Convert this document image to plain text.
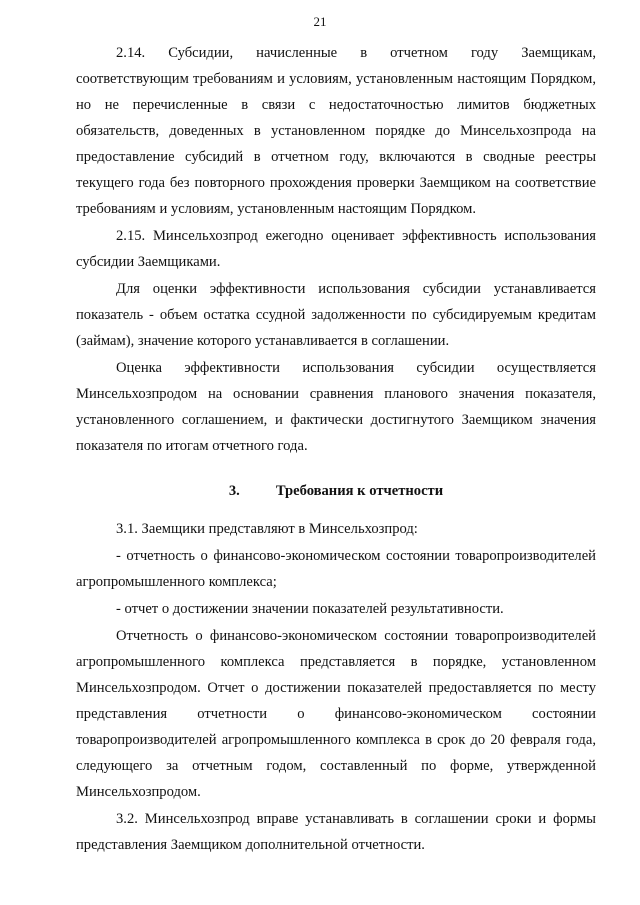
21

2.14. Субсидии, начисленные в отчетном году Заемщикам, соответствующим требованиям и условиям, установленным настоящим Порядком, но не перечисленные в связи с недостаточностью лимитов бюджетных обязательств, доведенных в установленном порядке до Минсельхозпрода на предоставление субсидий в отчетном году, включаются в сводные реестры текущего года без повторного прохождения проверки Заемщиком на соответствие требованиям и условиям, установленным настоящим Порядком.

2.15. Минсельхозпрод ежегодно оценивает эффективность использования субсидии Заемщиками.

Для оценки эффективности использования субсидии устанавливается показатель - объем остатка ссудной задолженности по субсидируемым кредитам (займам), значение которого устанавливается в соглашении.

Оценка эффективности использования субсидии осуществляется Минсельхозпродом на основании сравнения планового значения показателя, установленного соглашением, и фактически достигнутого Заемщиком значения показателя по итогам отчетного года.

3. Требования к отчетности

3.1. Заемщики представляют в Минсельхозпрод:

- отчетность о финансово-экономическом состоянии товаропроизводителей агропромышленного комплекса;

- отчет о достижении значении показателей результативности.

Отчетность о финансово-экономическом состоянии товаропроизводителей агропромышленного комплекса представляется в порядке, установленном Минсельхозпродом. Отчет о достижении показателей предоставляется по месту представления отчетности о финансово-экономическом состоянии товаропроизводителей агропромышленного комплекса в срок до 20 февраля года, следующего за отчетным годом, составленный по форме, утвержденной Минсельхозпродом.

3.2. Минсельхозпрод вправе устанавливать в соглашении сроки и формы представления Заемщиком дополнительной отчетности.
